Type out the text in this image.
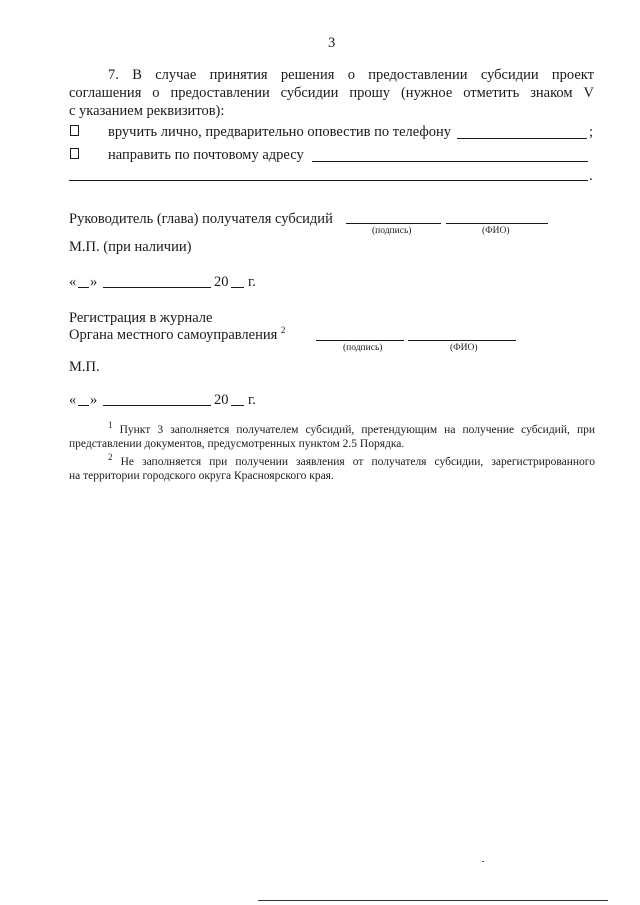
3
7. В случае принятия решения о предоставлении субсидии проект
соглашения о предоставлении субсидии прошу (нужное отметить знаком V
с указанием реквизитов):
вручить лично, предварительно оповестив по телефону	;
направить по почтовому адресу
.
Руководитель (глава) получателя субсидий
(подпись)	(ФИО)
М.П. (при наличии)
« »	20 г.
Регистрация в журнале
Органа местного самоуправления $^2$
(подпись)	(ФИО)
М.П.
« »	20 г.
$^1$ Пункт 3 заполняется получателем субсидий, претендующим на получение субсидий, при
представлении документов, предусмотренных пунктом 2.5 Порядка.
$^2$ Не заполняется при получении заявления от получателя субсидии, зарегистрированного
на территории городского округа Красноярского края.
